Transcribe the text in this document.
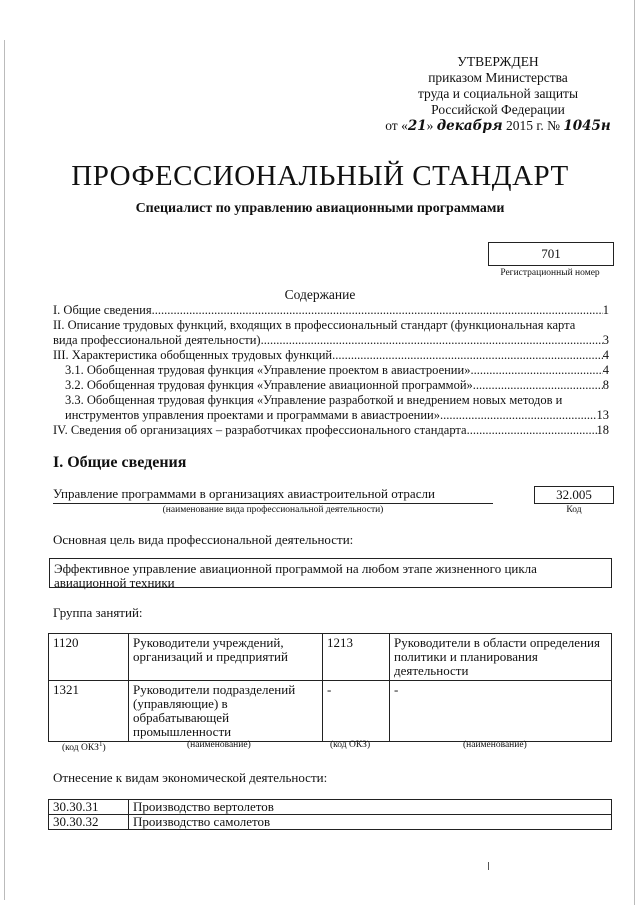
УТВЕРЖДЕН
приказом Министерства
труда и социальной защиты
Российской Федерации
от «21» декабря 2015 г. № 1045н
ПРОФЕССИОНАЛЬНЫЙ СТАНДАРТ
Специалист по управлению авиационными программами
701
Регистрационный номер
Содержание
I. Общие сведения .....	1
II. Описание трудовых функций, входящих в профессиональный стандарт (функциональная карта
вида профессиональной деятельности) .....	3
III. Характеристика обобщенных трудовых функций .....	4
3.1. Обобщенная трудовая функция «Управление проектом в авиастроении» .....	4
3.2. Обобщенная трудовая функция «Управление авиационной программой» .....	8
3.3. Обобщенная трудовая функция «Управление разработкой и внедрением новых методов и
инструментов управления проектами и программами в авиастроении» .....	13
IV. Сведения об организациях – разработчиках профессионального стандарта .....	18
I. Общие сведения
Управление программами в организациях авиастроительной отрасли
(наименование вида профессиональной деятельности)
32.005
Код
Основная цель вида профессиональной деятельности:
Эффективное управление авиационной программой на любом этапе жизненного цикла
авиационной техники
Группа занятий:
1120	Руководители учреждений, организаций и предприятий	1213	Руководители в области определения политики и планирования деятельности
1321	Руководители подразделений (управляющие) в обрабатывающей промышленности	-	-
(код ОКЗ$^1$)	(наименование)	(код ОКЗ)	(наименование)
Отнесение к видам экономической деятельности:
30.30.31	Производство вертолетов
30.30.32	Производство самолетов
